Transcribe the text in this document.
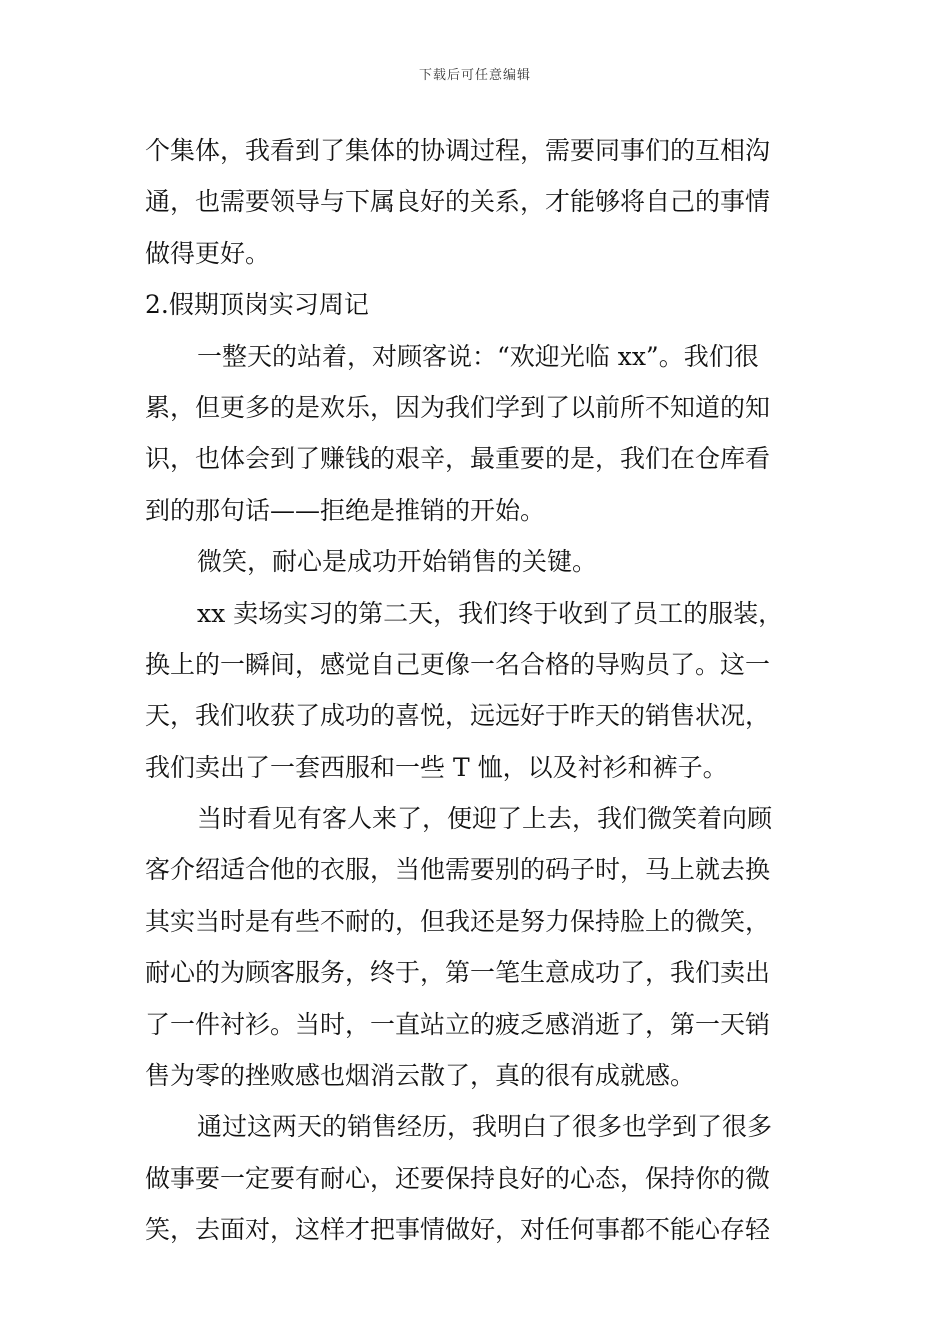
下载后可任意编辑
个集体，我看到了集体的协调过程，需要同事们的互相沟
通，也需要领导与下属良好的关系，才能够将自己的事情
做得更好。
2.假期顶岗实习周记
一整天的站着，对顾客说：“欢迎光临 xx”。我们很
累，但更多的是欢乐，因为我们学到了以前所不知道的知
识，也体会到了赚钱的艰辛，最重要的是，我们在仓库看
到的那句话——拒绝是推销的开始。
微笑，耐心是成功开始销售的关键。
xx 卖场实习的第二天，我们终于收到了员工的服装，
换上的一瞬间，感觉自己更像一名合格的导购员了。这一
天，我们收获了成功的喜悦，远远好于昨天的销售状况，
我们卖出了一套西服和一些 T 恤，以及衬衫和裤子。
当时看见有客人来了，便迎了上去，我们微笑着向顾
客介绍适合他的衣服，当他需要别的码子时，马上就去换
其实当时是有些不耐的，但我还是努力保持脸上的微笑，
耐心的为顾客服务，终于，第一笔生意成功了，我们卖出
了一件衬衫。当时，一直站立的疲乏感消逝了，第一天销
售为零的挫败感也烟消云散了，真的很有成就感。
通过这两天的销售经历，我明白了很多也学到了很多
做事要一定要有耐心，还要保持良好的心态，保持你的微
笑，去面对，这样才把事情做好，对任何事都不能心存轻
